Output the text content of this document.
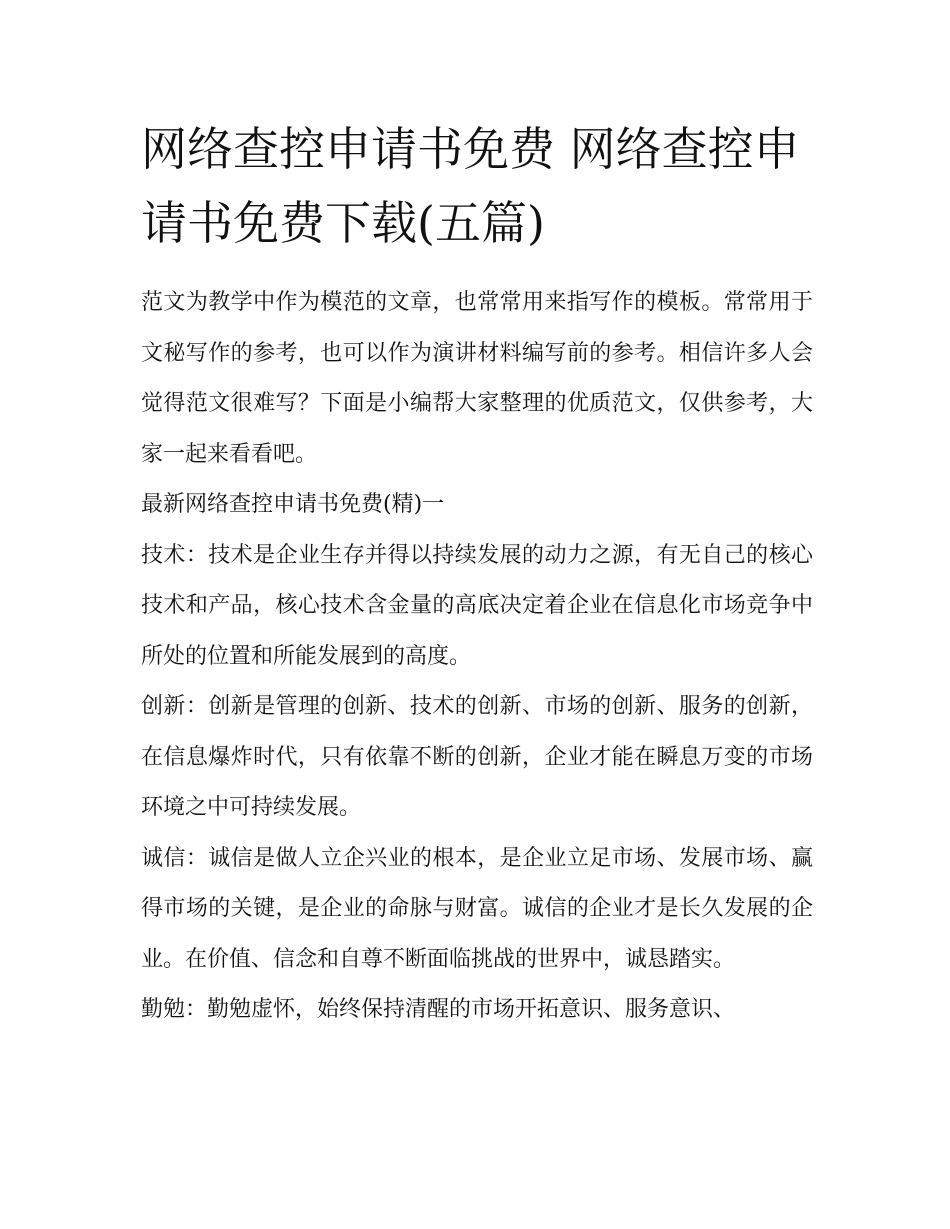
网络查控申请书免费 网络查控申请书免费下载(五篇)

范文为教学中作为模范的文章，也常常用来指写作的模板。常常用于文秘写作的参考，也可以作为演讲材料编写前的参考。相信许多人会觉得范文很难写？下面是小编帮大家整理的优质范文，仅供参考，大家一起来看看吧。

最新网络查控申请书免费(精)一

技术：技术是企业生存并得以持续发展的动力之源，有无自己的核心技术和产品，核心技术含金量的高底决定着企业在信息化市场竞争中所处的位置和所能发展到的高度。

创新：创新是管理的创新、技术的创新、市场的创新、服务的创新，在信息爆炸时代，只有依靠不断的创新，企业才能在瞬息万变的市场环境之中可持续发展。

诚信：诚信是做人立企兴业的根本，是企业立足市场、发展市场、赢得市场的关键，是企业的命脉与财富。诚信的企业才是长久发展的企业。在价值、信念和自尊不断面临挑战的世界中，诚恳踏实。

勤勉：勤勉虚怀，始终保持清醒的市场开拓意识、服务意识、
